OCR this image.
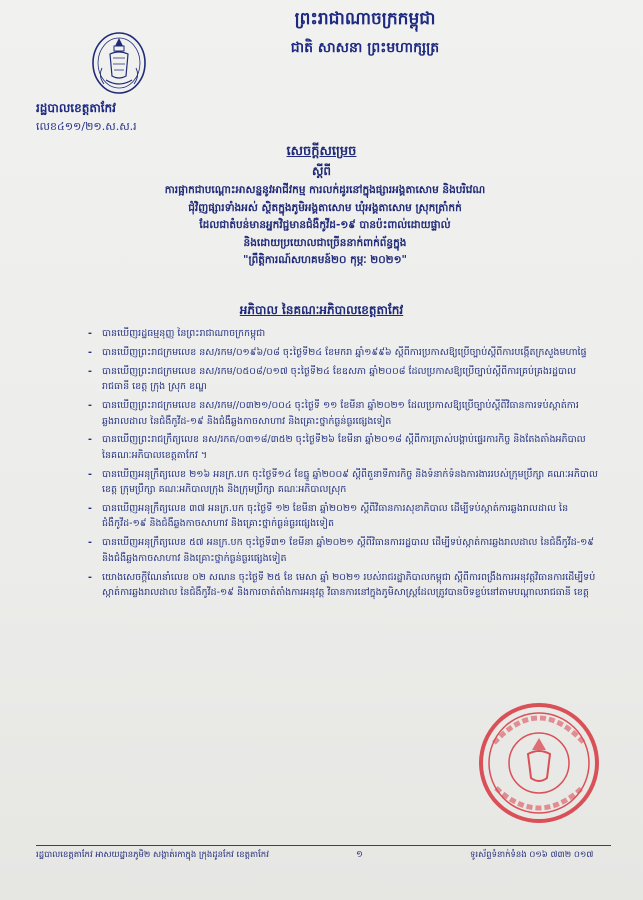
ព្រះរាជាណាចក្រកម្ពុជា
ជាតិ សាសនា ព្រះមហាក្សត្រ
រដ្ឋបាលខេត្តតាកែវ
លេខ៤១១/២១.ស.ស.រ
សេចក្តីសម្រេច
ស្តីពី
ការផ្អាកជាបណ្តោះអាសន្ននូវអាជីវកម្ម ការលក់ដូរនៅក្នុងផ្សារអង្គតាសោម និងបរិវេណ
ជុំវិញផ្សារទាំងអស់ ស្ថិតក្នុងភូមិអង្គតាសោម ឃុំអង្គតាសោម ស្រុកត្រាំកក់
ដែលជាតំបន់មានអ្នកវិជ្ជមានជំងឺកូវីដ-១៩ បានប៉ះពាល់ដោយផ្ទាល់
និងដោយប្រយោលជាច្រើននាក់ពាក់ព័ន្ធក្នុង
"ព្រឹត្តិការណ៍សហគមន៍២០ កុម្ភៈ ២០២១"
អភិបាល នៃគណៈអភិបាលខេត្តតាកែវ
- បានឃើញរដ្ឋធម្មនុញ្ញ នៃព្រះរាជាណាចក្រកម្ពុជា
- បានឃើញព្រះរាជក្រមលេខ នស/រកម/០១៩៦/០៨ ចុះថ្ងៃទី២៤ ខែមករា ឆ្នាំ១៩៩៦ ស្តីពីការប្រកាសឱ្យប្រើច្បាប់ស្តីពីការបង្កើតក្រសួងមហាផ្ទៃ
- បានឃើញព្រះរាជក្រមលេខ នស/រកម/០៥០៨/០១៧ ចុះថ្ងៃទី២៤ ខែឧសភា ឆ្នាំ២០០៨ ដែលប្រកាសឱ្យប្រើច្បាប់ស្តីពីការគ្រប់គ្រងរដ្ឋបាលរាជធានី ខេត្ត ក្រុង ស្រុក ខណ្ឌ
- បានឃើញព្រះរាជក្រមលេខ នស/រកម//០៣២១/០០៤ ចុះថ្ងៃទី ១១ ខែមីនា ឆ្នាំ២០២១ ដែលប្រកាសឱ្យប្រើច្បាប់ស្តីពីវិធានការទប់ស្កាត់ការឆ្លងរាលដាល នៃជំងឺកូវីដ-១៩ និងជំងឺឆ្លងកាចសាហាវ និងគ្រោះថ្នាក់ធ្ងន់ធ្ងរផ្សេងទៀត
- បានឃើញព្រះរាជក្រឹត្យលេខ នស/រកត/០៣១៨/៣៥២ ចុះថ្ងៃទី២៦ ខែមីនា ឆ្នាំ២០១៨ ស្តីពីការត្រាស់បង្គាប់ផ្ទេរការកិច្ច និងតែងតាំងអភិបាល នៃគណៈអភិបាលខេត្តតាកែវ ។
- បានឃើញអនុក្រឹត្យលេខ ២១៦ អនក្រ.បក ចុះថ្ងៃទី១៤ ខែធ្នូ ឆ្នាំ២០០៩ ស្តីពីតួនាទីភារកិច្ច និងទំនាក់ទំនងការងាររបស់ក្រុមប្រឹក្សា គណៈអភិបាលខេត្ត ក្រុមប្រឹក្សា គណៈអភិបាលក្រុង និងក្រុមប្រឹក្សា គណៈអភិបាលស្រុក
- បានឃើញអនុក្រឹត្យលេខ ៣៧ អនក្រ.បក ចុះថ្ងៃទី ១២ ខែមីនា ឆ្នាំ២០២១ ស្តីពីវិធានការសុខាភិបាល ដើម្បីទប់ស្កាត់ការឆ្លងរាលដាល នៃជំងឺកូវីដ-១៩ និងជំងឺឆ្លងកាចសាហាវ និងគ្រោះថ្នាក់ធ្ងន់ធ្ងរផ្សេងទៀត
- បានឃើញអនុក្រឹត្យលេខ ៥៧ អនក្រ.បក ចុះថ្ងៃទី៣១ ខែមីនា ឆ្នាំ២០២១ ស្តីពីវិធានការរដ្ឋបាល ដើម្បីទប់ស្កាត់ការឆ្លងរាលដាល នៃជំងឺកូវីដ-១៩ និងជំងឺឆ្លងកាចសាហាវ និងគ្រោះថ្នាក់ធ្ងន់ធ្ងរផ្សេងទៀត
- យោងសេចក្តីណែនាំលេខ ០២ សណន ចុះថ្ងៃទី ២៥ ខែ មេសា ឆ្នាំ ២០២១ របស់រាជរដ្ឋាភិបាលកម្ពុជា ស្តីពីការពង្រឹងការអនុវត្តវិធានការដើម្បីទប់ស្កាត់ការឆ្លងរាលដាល នៃជំងឺកូវីដ-១៩ និងការចាត់តាំងការអនុវត្ត វិធានការនៅក្នុងភូមិសាស្ត្រដែលត្រូវបានបិទខ្ទប់នៅតាមបណ្តាលរាជធានី ខេត្ត
រដ្ឋបាលខេត្តតាកែវ អាសយដ្ឋានភូមិ២ សង្កាត់រកាក្នុង ក្រុងដូនកែវ ខេត្តតាកែវ	១	ទូរស័ព្ទទំនាក់ទំនង ០១៦ ៧៣២ ០១៧
